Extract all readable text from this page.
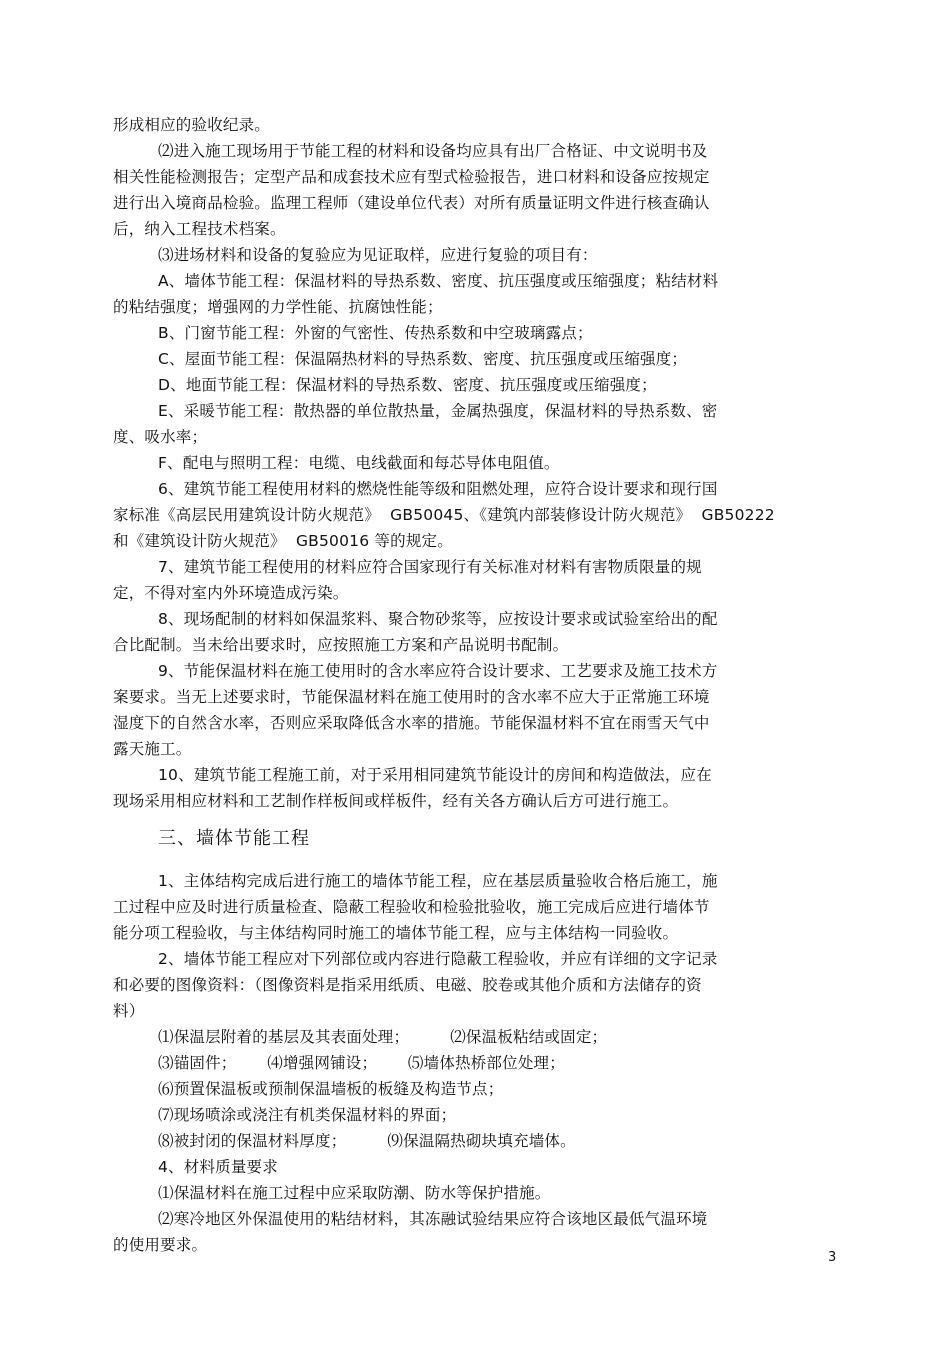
形成相应的验收纪录。
⑵进入施工现场用于节能工程的材料和设备均应具有出厂合格证、中文说明书及
相关性能检测报告；定型产品和成套技术应有型式检验报告，进口材料和设备应按规定
进行出入境商品检验。监理工程师（建设单位代表）对所有质量证明文件进行核查确认
后，纳入工程技术档案。
⑶进场材料和设备的复验应为见证取样，应进行复验的项目有：
A、墙体节能工程：保温材料的导热系数、密度、抗压强度或压缩强度；粘结材料
的粘结强度；增强网的力学性能、抗腐蚀性能；
B、门窗节能工程：外窗的气密性、传热系数和中空玻璃露点；
C、屋面节能工程：保温隔热材料的导热系数、密度、抗压强度或压缩强度；
D、地面节能工程：保温材料的导热系数、密度、抗压强度或压缩强度；
E、采暖节能工程：散热器的单位散热量，金属热强度，保温材料的导热系数、密
度、吸水率；
F、配电与照明工程：电缆、电线截面和每芯导体电阻值。
6、建筑节能工程使用材料的燃烧性能等级和阻燃处理，应符合设计要求和现行国
家标准《高层民用建筑设计防火规范》  GB50045、《建筑内部装修设计防火规范》  GB50222
和《建筑设计防火规范》  GB50016 等的规定。
7、建筑节能工程使用的材料应符合国家现行有关标准对材料有害物质限量的规
定，不得对室内外环境造成污染。
8、现场配制的材料如保温浆料、聚合物砂浆等，应按设计要求或试验室给出的配
合比配制。当未给出要求时，应按照施工方案和产品说明书配制。
9、节能保温材料在施工使用时的含水率应符合设计要求、工艺要求及施工技术方
案要求。当无上述要求时，节能保温材料在施工使用时的含水率不应大于正常施工环境
湿度下的自然含水率，否则应采取降低含水率的措施。节能保温材料不宜在雨雪天气中
露天施工。
10、建筑节能工程施工前，对于采用相同建筑节能设计的房间和构造做法，应在
现场采用相应材料和工艺制作样板间或样板件，经有关各方确认后方可进行施工。
三、墙体节能工程
1、主体结构完成后进行施工的墙体节能工程，应在基层质量验收合格后施工，施
工过程中应及时进行质量检查、隐蔽工程验收和检验批验收，施工完成后应进行墙体节
能分项工程验收，与主体结构同时施工的墙体节能工程，应与主体结构一同验收。
2、墙体节能工程应对下列部位或内容进行隐蔽工程验收，并应有详细的文字记录
和必要的图像资料：（图像资料是指采用纸质、电磁、胶卷或其他介质和方法储存的资
料）
⑴保温层附着的基层及其表面处理；        ⑵保温板粘结或固定；
⑶锚固件；      ⑷增强网铺设；      ⑸墙体热桥部位处理；
⑹预置保温板或预制保温墙板的板缝及构造节点；
⑺现场喷涂或浇注有机类保温材料的界面；
⑻被封闭的保温材料厚度；        ⑼保温隔热砌块填充墙体。
4、材料质量要求
⑴保温材料在施工过程中应采取防潮、防水等保护措施。
⑵寒冷地区外保温使用的粘结材料，其冻融试验结果应符合该地区最低气温环境
的使用要求。
3
